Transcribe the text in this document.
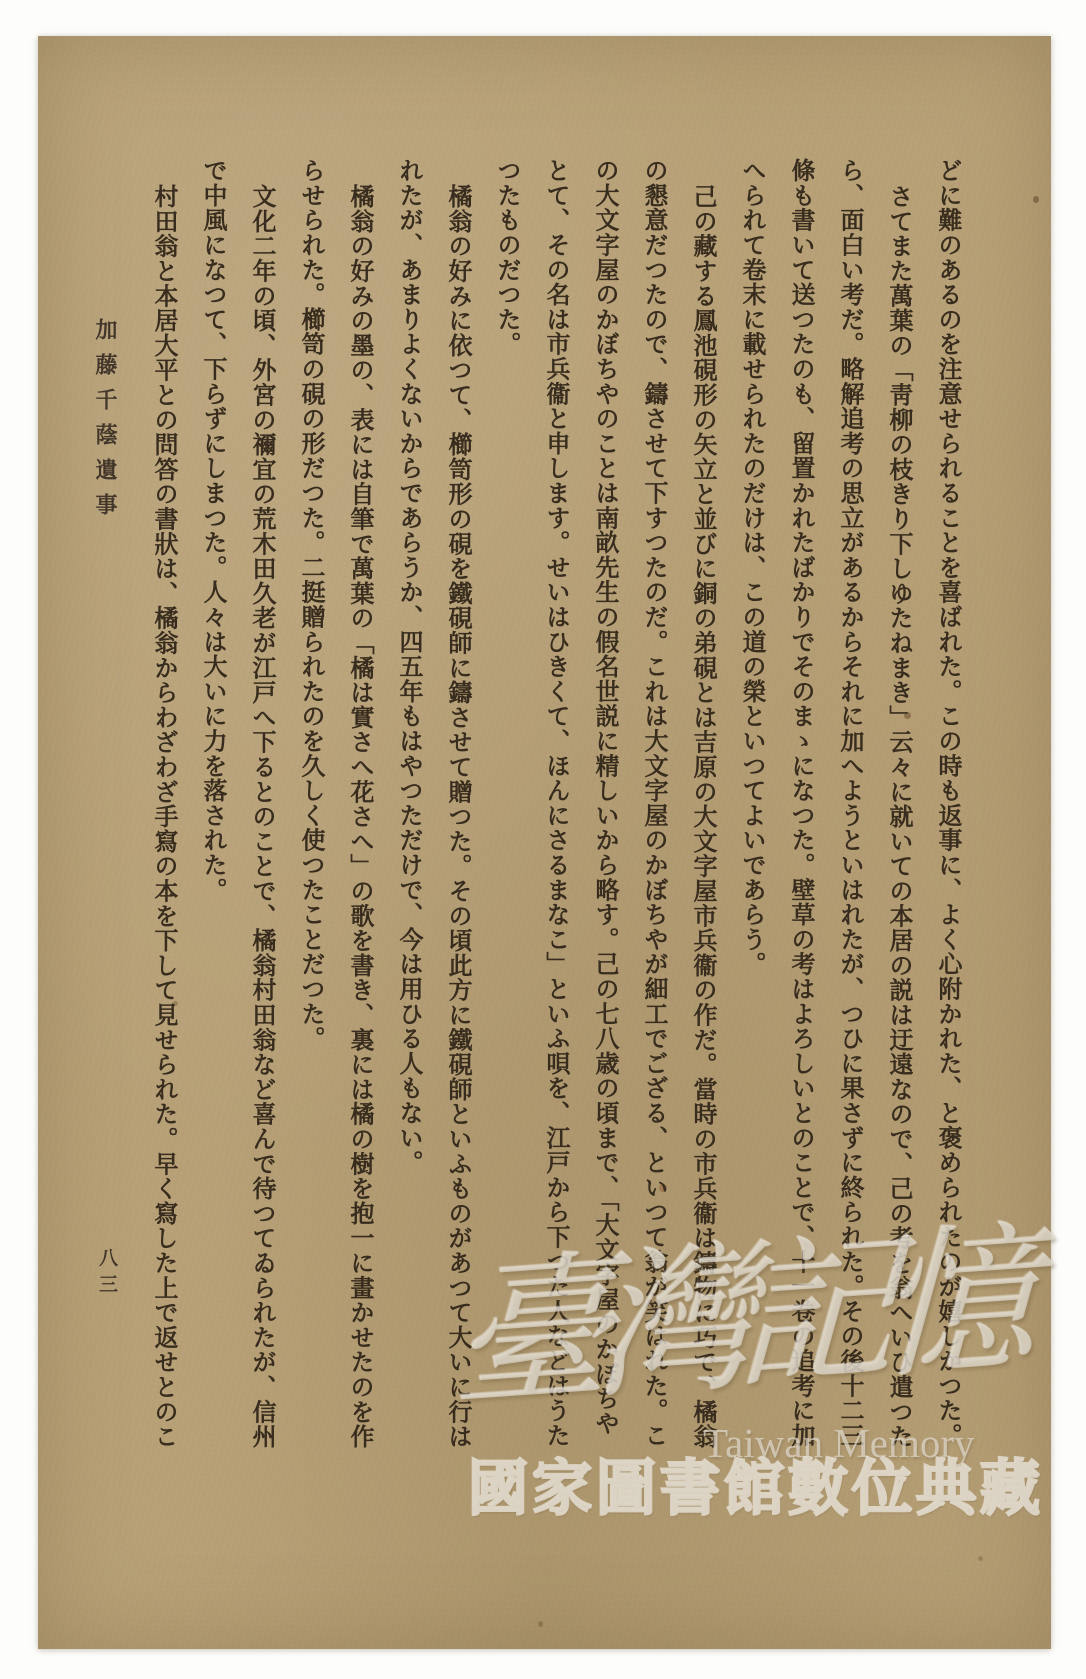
加藤千蔭遺事	どに難のあるのを注意せられることを喜ばれた。この時も返事に、よく心附かれた、と褒められたのが嬉しかつた。
さてまた萬葉の「靑柳の枝きり下しゆたねまき」云々に就いての本居の説は迂遠なので、己の考を翁へいひ遣つた
ら、面白い考だ。略解追考の思立があるからそれに加へようといはれたが、つひに果さずに終られた。その後十二三
條も書いて送つたのも、留置かれたばかりでそのまゝになつた。壁草の考はよろしいとのことで、十一卷の追考に加
へられて卷末に載せられたのだけは、この道の榮といつてよいであらう。
己の藏する鳳池硯形の矢立と並びに銅の弟硯とは吉原の大文字屋市兵衞の作だ。當時の市兵衞は鑄物に巧で、橘翁
の懇意だつたので、鑄させて下すつたのだ。これは大文字屋のかぼちやが細工でござる、といつて翁が笑はれた。こ
の大文字屋のかぼちやのことは南畝先生の假名世説に精しいから略す。己の七八歳の頃まで、「大文字屋のかぼちや
とて、その名は市兵衞と申します。せいはひきくて、ほんにさるまなこ」といふ唄を、江戸から下つた人などはうた
つたものだつた。
橘翁の好みに依つて、櫛笥形の硯を鐵硯師に鑄させて贈つた。その頃此方に鐵硯師といふものがあつて大いに行は
れたが、あまりよくないからであらうか、四五年もはやつただけで、今は用ひる人もない。
橘翁の好みの墨の、表には自筆で萬葉の「橘は實さへ花さへ」の歌を書き、裏には橘の樹を抱一に畫かせたのを作
らせられた。櫛笥の硯の形だつた。二挺贈られたのを久しく使つたことだつた。
文化二年の頃、外宮の禰宜の荒木田久老が江戸へ下るとのことで、橘翁村田翁など喜んで待つてゐられたが、信州
で中風になつて、下らずにしまつた。人々は大いに力を落された。
村田翁と本居大平との問答の書狀は、橘翁からわざわざ手寫の本を下して見せられた。早く寫した上で返せとのこ
八三 臺灣記憶
Taiwan Memory
國家圖書館數位典藏
